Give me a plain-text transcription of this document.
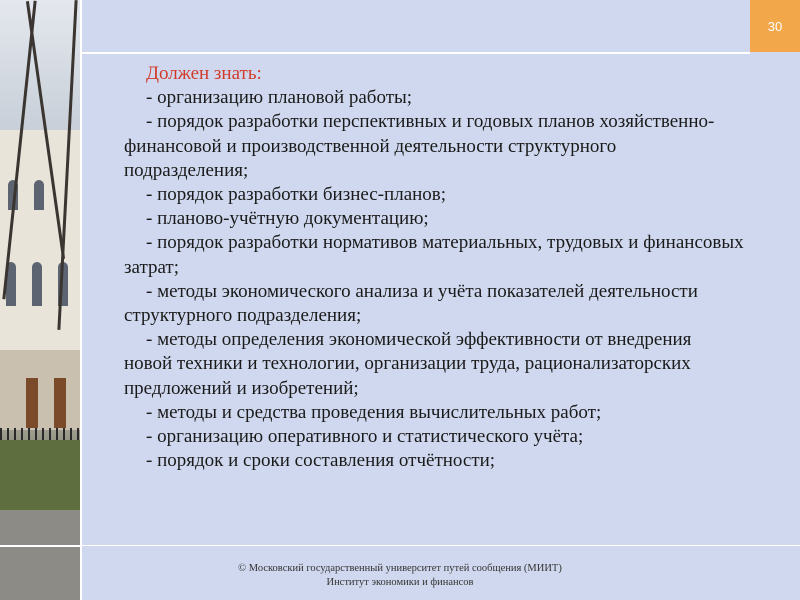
30
Должен знать:
- организацию плановой работы;
- порядок разработки перспективных и годовых планов хозяйственно-финансовой и производственной деятельности структурного подразделения;
- порядок разработки бизнес-планов;
- планово-учётную документацию;
- порядок разработки нормативов материальных, трудовых и финансовых затрат;
- методы экономического анализа и учёта показателей деятельности структурного подразделения;
- методы определения экономической эффективности от внедрения новой техники и технологии, организации труда, рационализаторских предложений и изобретений;
- методы и средства проведения вычислительных работ;
- организацию оперативного и статистического учёта;
- порядок и сроки составления отчётности;
© Московский государственный университет путей сообщения (МИИТ)
Институт экономики и финансов
